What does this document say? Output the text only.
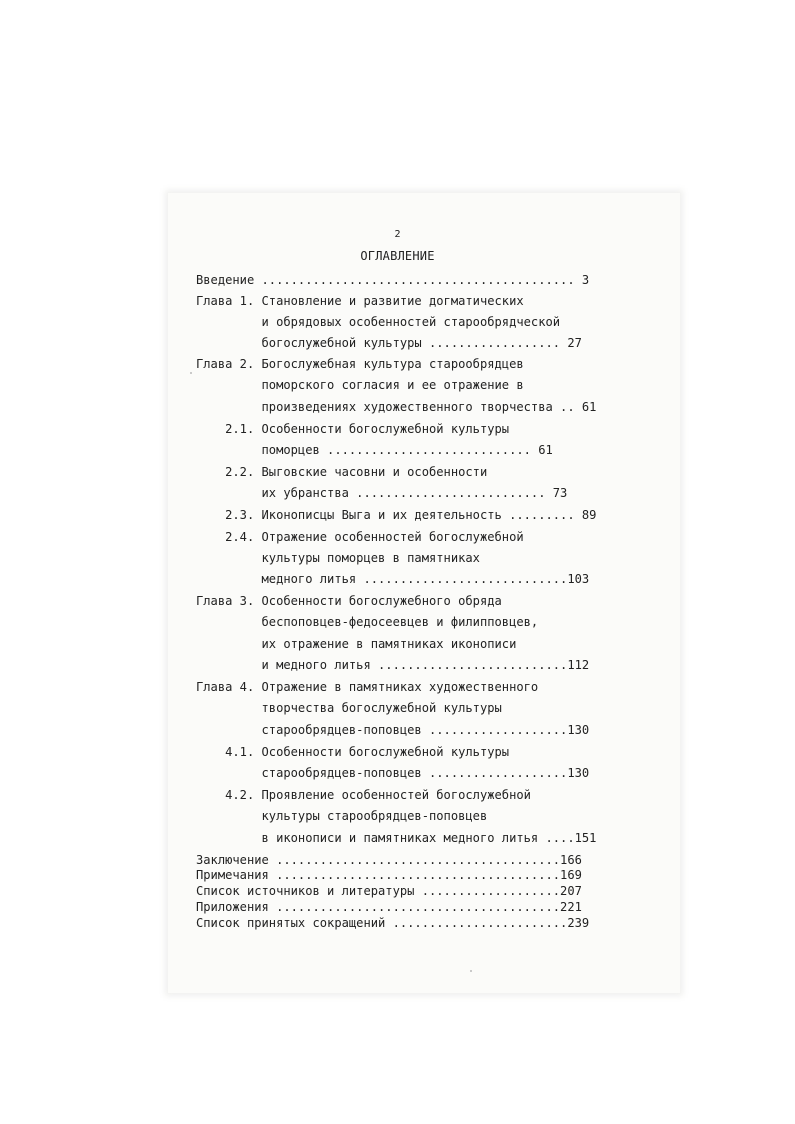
2
ОГЛАВЛЕНИЕ
Введение ........................................... 3
Глава 1. Становление и развитие догматических
и обрядовых особенностей старообрядческой
богослужебной культуры .................. 27
Глава 2. Богослужебная культура старообрядцев
поморского согласия и ее отражение в
произведениях художественного творчества .. 61
2.1. Особенности богослужебной культуры
поморцев ............................ 61
2.2. Выговские часовни и особенности
их убранства .......................... 73
2.3. Иконописцы Выга и их деятельность ......... 89
2.4. Отражение особенностей богослужебной
культуры поморцев в памятниках
медного литья ............................103
Глава 3. Особенности богослужебного обряда
беспоповцев-федосеевцев и филипповцев,
их отражение в памятниках иконописи
и медного литья ..........................112
Глава 4. Отражение в памятниках художественного
творчества богослужебной культуры
старообрядцев-поповцев ...................130
4.1. Особенности богослужебной культуры
старообрядцев-поповцев ...................130
4.2. Проявление особенностей богослужебной
культуры старообрядцев-поповцев
в иконописи и памятниках медного литья ....151
Заключение .......................................166
Примечания .......................................169
Список источников и литературы ...................207
Приложения .......................................221
Список принятых сокращений ........................239
